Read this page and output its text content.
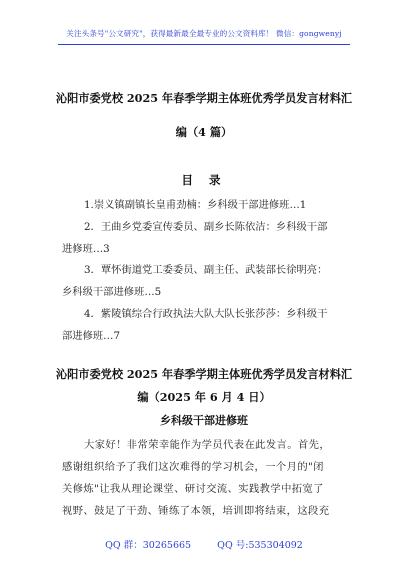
关注头条号"公文研究"，获得最新最全最专业的公文资料库！ 微信：gongwenyj
沁阳市委党校 2025 年春季学期主体班优秀学员发言材料汇
编（4 篇）
目 录
1.崇义镇副镇长皇甫劲楠：乡科级干部进修班…1
2．王曲乡党委宣传委员、副乡长陈依洁：乡科级干部
进修班…3
3．覃怀街道党工委委员、副主任、武装部长徐明亮：
乡科级干部进修班…5
4．紫陵镇综合行政执法大队大队长张莎莎：乡科级干
部进修班…7
沁阳市委党校 2025 年春季学期主体班优秀学员发言材料汇
编（2025 年 6 月 4 日）
乡科级干部进修班
大家好！非常荣幸能作为学员代表在此发言。首先，
感谢组织给予了我们这次难得的学习机会，一个月的"闭
关修炼"让我从理论课堂、研讨交流、实践教学中拓宽了
视野、鼓足了干劲、锤练了本领，培训即将结束，这段充
QQ 群：30265665	QQ 号:535304092
